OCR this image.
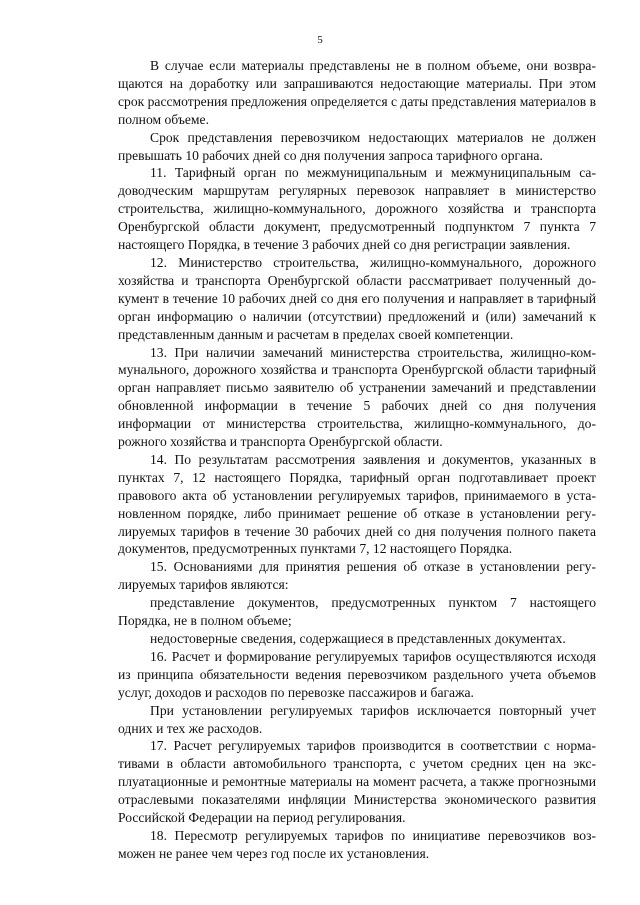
5

В случае если материалы представлены не в полном объеме, они возвращаются на доработку или запрашиваются недостающие материалы. При этом срок рассмотрения предложения определяется с даты представления материалов в полном объеме.

Срок представления перевозчиком недостающих материалов не должен превышать 10 рабочих дней со дня получения запроса тарифного органа.

11. Тарифный орган по межмуниципальным и межмуниципальным садоводческим маршрутам регулярных перевозок направляет в министерство строительства, жилищно-коммунального, дорожного хозяйства и транспорта Оренбургской области документ, предусмотренный подпунктом 7 пункта 7 настоящего Порядка, в течение 3 рабочих дней со дня регистрации заявления.

12. Министерство строительства, жилищно-коммунального, дорожного хозяйства и транспорта Оренбургской области рассматривает полученный документ в течение 10 рабочих дней со дня его получения и направляет в тарифный орган информацию о наличии (отсутствии) предложений и (или) замечаний к представленным данным и расчетам в пределах своей компетенции.

13. При наличии замечаний министерства строительства, жилищно-коммунального, дорожного хозяйства и транспорта Оренбургской области тарифный орган направляет письмо заявителю об устранении замечаний и представлении обновленной информации в течение 5 рабочих дней со дня получения информации от министерства строительства, жилищно-коммунального, дорожного хозяйства и транспорта Оренбургской области.

14. По результатам рассмотрения заявления и документов, указанных в пунктах 7, 12 настоящего Порядка, тарифный орган подготавливает проект правового акта об установлении регулируемых тарифов, принимаемого в установленном порядке, либо принимает решение об отказе в установлении регулируемых тарифов в течение 30 рабочих дней со дня получения полного пакета документов, предусмотренных пунктами 7, 12 настоящего Порядка.

15. Основаниями для принятия решения об отказе в установлении регулируемых тарифов являются:

представление документов, предусмотренных пунктом 7 настоящего Порядка, не в полном объеме;

недостоверные сведения, содержащиеся в представленных документах.

16. Расчет и формирование регулируемых тарифов осуществляются исходя из принципа обязательности ведения перевозчиком раздельного учета объемов услуг, доходов и расходов по перевозке пассажиров и багажа.

При установлении регулируемых тарифов исключается повторный учет одних и тех же расходов.

17. Расчет регулируемых тарифов производится в соответствии с нормативами в области автомобильного транспорта, с учетом средних цен на эксплуатационные и ремонтные материалы на момент расчета, а также прогнозными отраслевыми показателями инфляции Министерства экономического развития Российской Федерации на период регулирования.

18. Пересмотр регулируемых тарифов по инициативе перевозчиков возможен не ранее чем через год после их установления.
